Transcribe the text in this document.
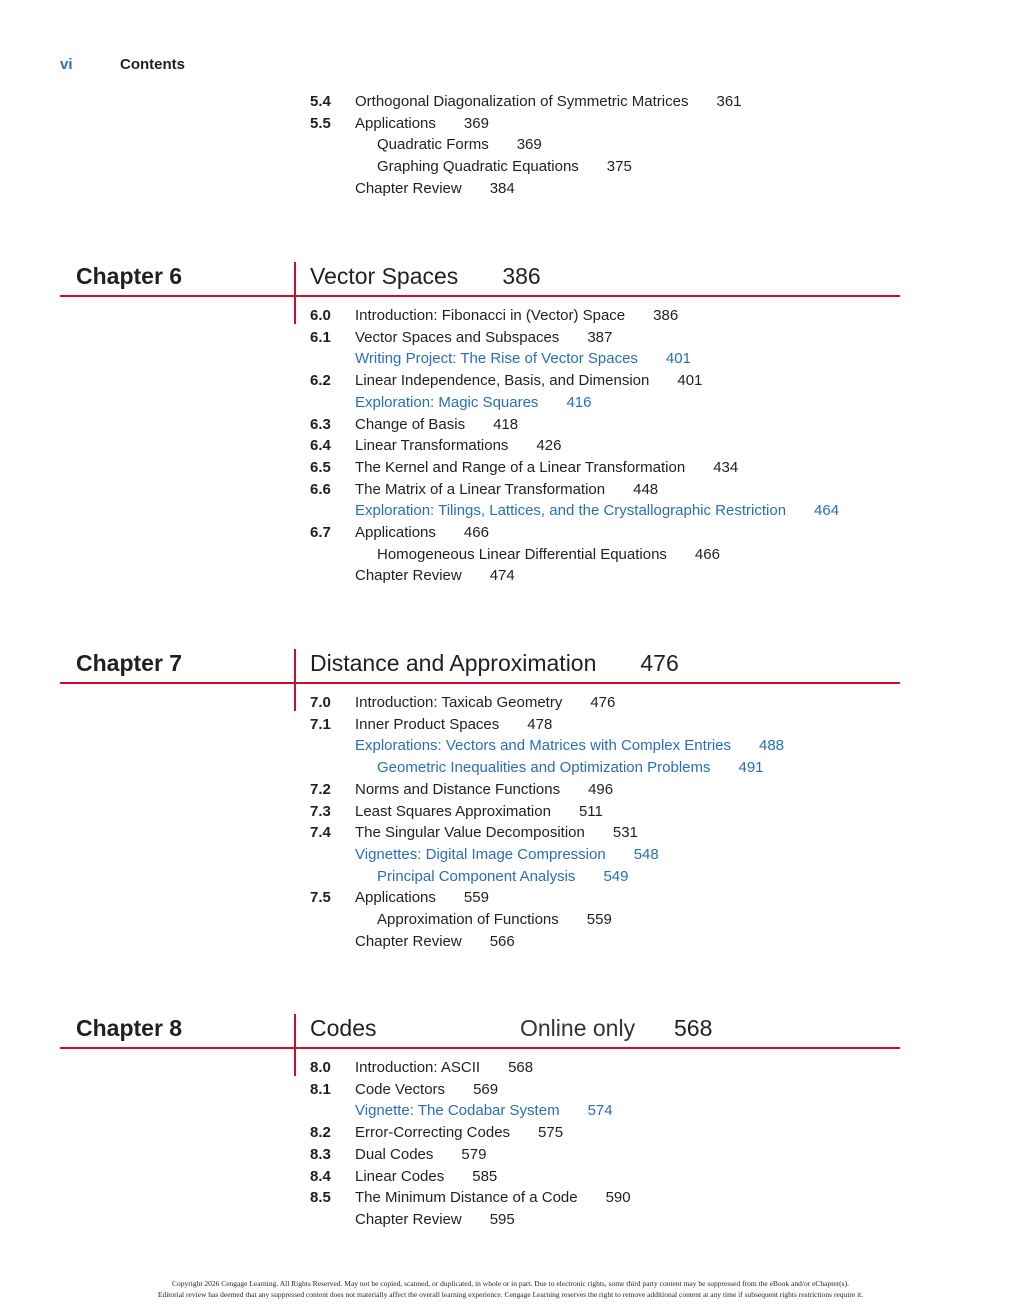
vi	Contents
5.4 Orthogonal Diagonalization of Symmetric Matrices 361
5.5 Applications 369
Quadratic Forms 369
Graphing Quadratic Equations 375
Chapter Review 384
Chapter 6	Vector Spaces 386
6.0 Introduction: Fibonacci in (Vector) Space 386
6.1 Vector Spaces and Subspaces 387
Writing Project: The Rise of Vector Spaces 401
6.2 Linear Independence, Basis, and Dimension 401
Exploration: Magic Squares 416
6.3 Change of Basis 418
6.4 Linear Transformations 426
6.5 The Kernel and Range of a Linear Transformation 434
6.6 The Matrix of a Linear Transformation 448
Exploration: Tilings, Lattices, and the Crystallographic Restriction 464
6.7 Applications 466
Homogeneous Linear Differential Equations 466
Chapter Review 474
Chapter 7	Distance and Approximation 476
7.0 Introduction: Taxicab Geometry 476
7.1 Inner Product Spaces 478
Explorations: Vectors and Matrices with Complex Entries 488
Geometric Inequalities and Optimization Problems 491
7.2 Norms and Distance Functions 496
7.3 Least Squares Approximation 511
7.4 The Singular Value Decomposition 531
Vignettes: Digital Image Compression 548
Principal Component Analysis 549
7.5 Applications 559
Approximation of Functions 559
Chapter Review 566
Chapter 8	Codes	Online only 568
8.0 Introduction: ASCII 568
8.1 Code Vectors 569
Vignette: The Codabar System 574
8.2 Error-Correcting Codes 575
8.3 Dual Codes 579
8.4 Linear Codes 585
8.5 The Minimum Distance of a Code 590
Chapter Review 595
Copyright 2026 Cengage Learning. All Rights Reserved. May not be copied, scanned, or duplicated, in whole or in part. Due to electronic rights, some third party content may be suppressed from the eBook and/or eChapter(s).
Editorial review has deemed that any suppressed content does not materially affect the overall learning experience. Cengage Learning reserves the right to remove additional content at any time if subsequent rights restrictions require it.
